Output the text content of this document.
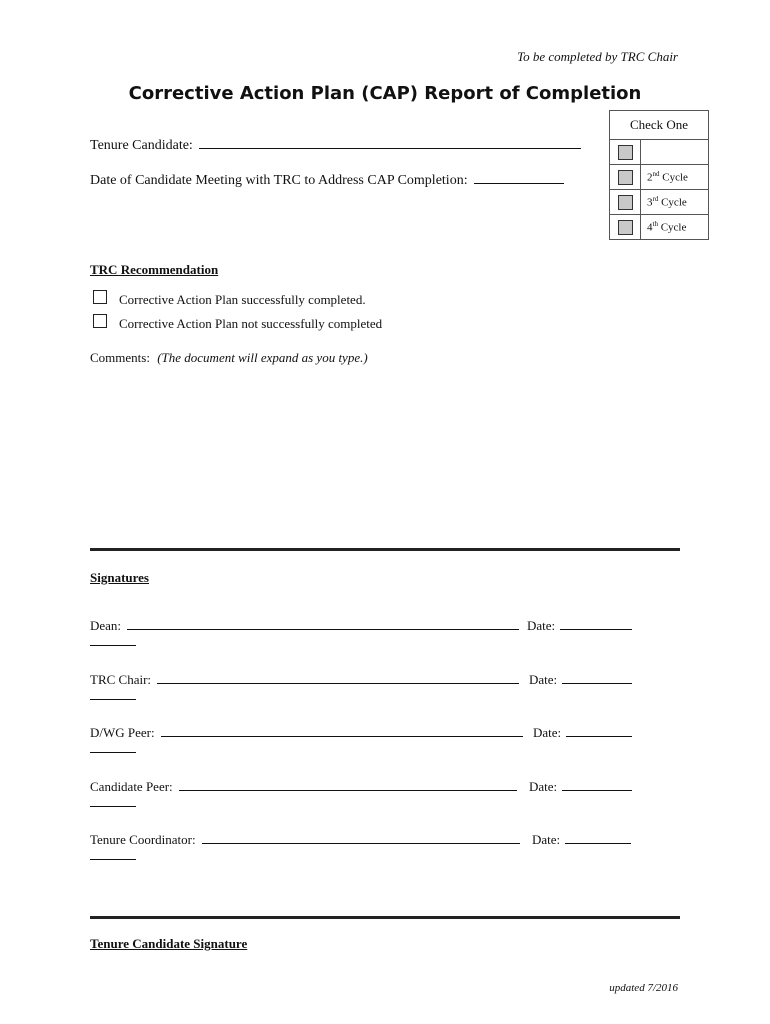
To be completed by TRC Chair
Corrective Action Plan (CAP) Report of Completion
Tenure Candidate:
Date of Candidate Meeting with TRC to Address CAP Completion:
Check One	

	2nd Cycle
	3rd Cycle
	4th Cycle
TRC Recommendation
Corrective Action Plan successfully completed.
Corrective Action Plan not successfully completed
Comments: (The document will expand as you type.)
Signatures
Dean:	Date:
TRC Chair:	Date:
D/WG Peer:	Date:
Candidate Peer:	Date:
Tenure Coordinator:	Date:
Tenure Candidate Signature
updated 7/2016
